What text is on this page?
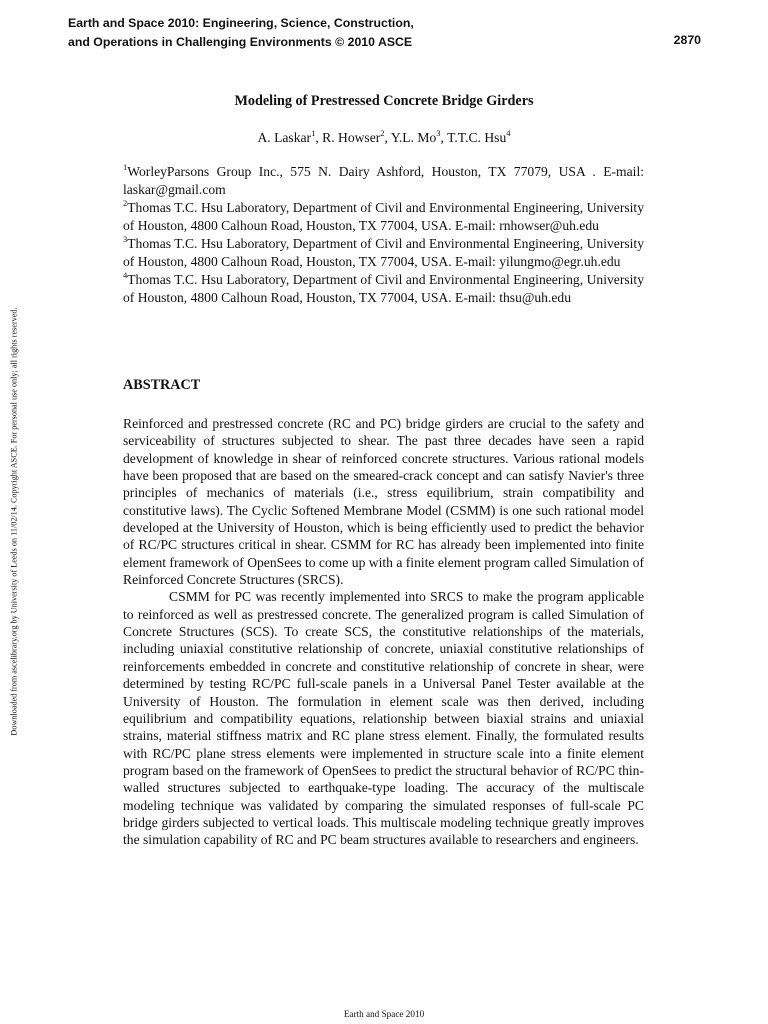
Earth and Space 2010: Engineering, Science, Construction,
and Operations in Challenging Environments © 2010 ASCE	2870
Downloaded from ascelibrary.org by University of Leeds on 11/02/14. Copyright ASCE. For personal use only; all rights reserved.
Modeling of Prestressed Concrete Bridge Girders
A. Laskar$^1$, R. Howser$^2$, Y.L. Mo$^3$, T.T.C. Hsu$^4$

$^1$WorleyParsons Group Inc., 575 N. Dairy Ashford, Houston, TX 77079, USA . E-mail: laskar@gmail.com

$^2$Thomas T.C. Hsu Laboratory, Department of Civil and Environmental Engineering, University of Houston, 4800 Calhoun Road, Houston, TX 77004, USA. E-mail: rnhowser@uh.edu

$^3$Thomas T.C. Hsu Laboratory, Department of Civil and Environmental Engineering, University of Houston, 4800 Calhoun Road, Houston, TX 77004, USA. E-mail: yilungmo@egr.uh.edu

$^4$Thomas T.C. Hsu Laboratory, Department of Civil and Environmental Engineering, University of Houston, 4800 Calhoun Road, Houston, TX 77004, USA. E-mail: thsu@uh.edu

ABSTRACT

Reinforced and prestressed concrete (RC and PC) bridge girders are crucial to the safety and serviceability of structures subjected to shear. The past three decades have seen a rapid development of knowledge in shear of reinforced concrete structures. Various rational models have been proposed that are based on the smeared-crack concept and can satisfy Navier's three principles of mechanics of materials (i.e., stress equilibrium, strain compatibility and constitutive laws). The Cyclic Softened Membrane Model (CSMM) is one such rational model developed at the University of Houston, which is being efficiently used to predict the behavior of RC/PC structures critical in shear. CSMM for RC has already been implemented into finite element framework of OpenSees to come up with a finite element program called Simulation of Reinforced Concrete Structures (SRCS).

CSMM for PC was recently implemented into SRCS to make the program applicable to reinforced as well as prestressed concrete. The generalized program is called Simulation of Concrete Structures (SCS). To create SCS, the constitutive relationships of the materials, including uniaxial constitutive relationship of concrete, uniaxial constitutive relationships of reinforcements embedded in concrete and constitutive relationship of concrete in shear, were determined by testing RC/PC full-scale panels in a Universal Panel Tester available at the University of Houston. The formulation in element scale was then derived, including equilibrium and compatibility equations, relationship between biaxial strains and uniaxial strains, material stiffness matrix and RC plane stress element. Finally, the formulated results with RC/PC plane stress elements were implemented in structure scale into a finite element program based on the framework of OpenSees to predict the structural behavior of RC/PC thin-walled structures subjected to earthquake-type loading. The accuracy of the multiscale modeling technique was validated by comparing the simulated responses of full-scale PC bridge girders subjected to vertical loads. This multiscale modeling technique greatly improves the simulation capability of RC and PC beam structures available to researchers and engineers.

Earth and Space 2010
